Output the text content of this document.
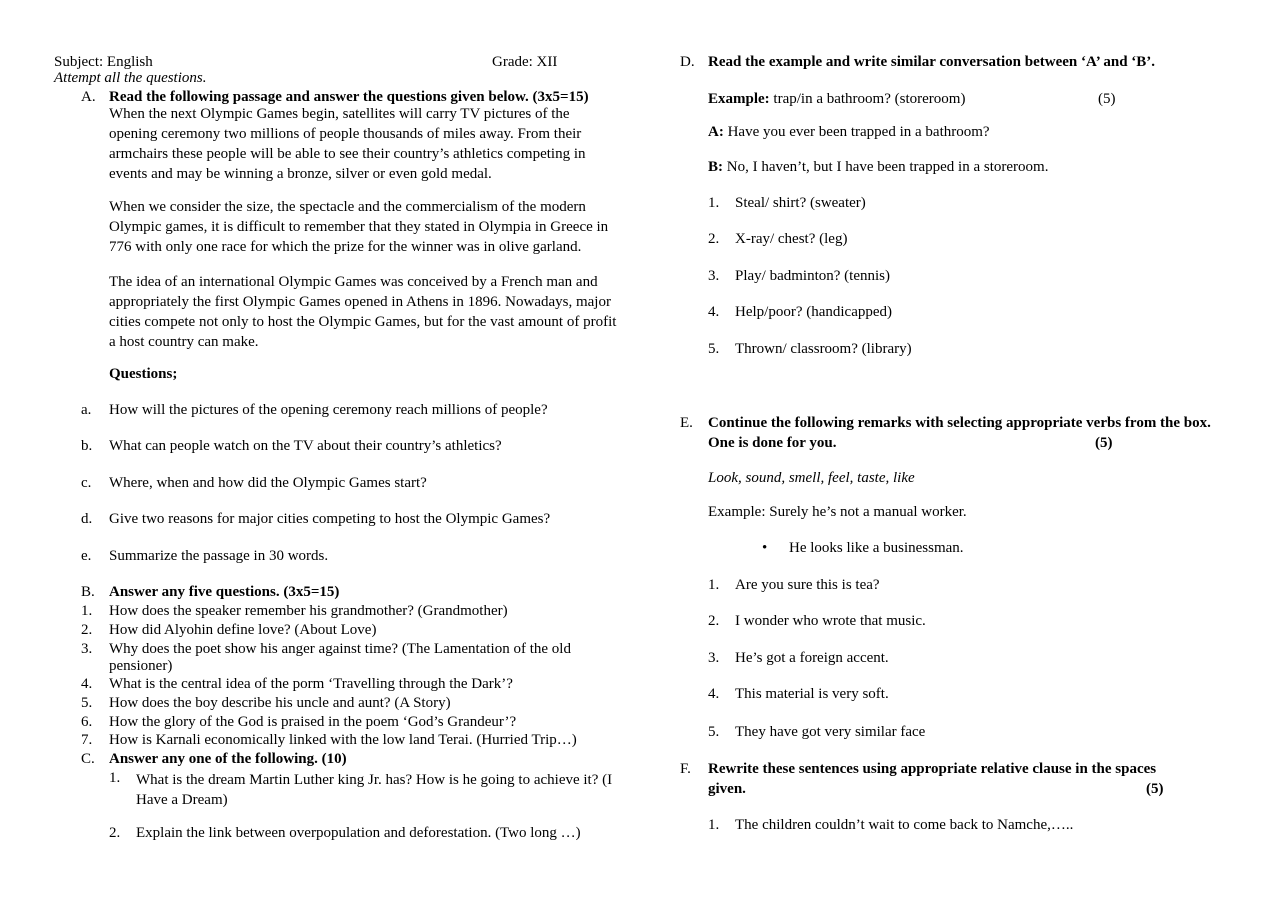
Subject: English	Grade: XII
Attempt all the questions.
A. Read the following passage and answer the questions given below. (3x5=15)
When the next Olympic Games begin, satellites will carry TV pictures of the
opening ceremony two millions of people thousands of miles away. From their
armchairs these people will be able to see their country’s athletics competing in
events and may be winning a bronze, silver or even gold medal.
When we consider the size, the spectacle and the commercialism of the modern
Olympic games, it is difficult to remember that they stated in Olympia in Greece in
776 with only one race for which the prize for the winner was in olive garland.
The idea of an international Olympic Games was conceived by a French man and
appropriately the first Olympic Games opened in Athens in 1896. Nowadays, major
cities compete not only to host the Olympic Games, but for the vast amount of profit
a host country can make.
Questions;
a. How will the pictures of the opening ceremony reach millions of people?
b. What can people watch on the TV about their country’s athletics?
c. Where, when and how did the Olympic Games start?
d. Give two reasons for major cities competing to host the Olympic Games?
e. Summarize the passage in 30 words.
B. Answer any five questions. (3x5=15)
1. How does the speaker remember his grandmother? (Grandmother)
2. How did Alyohin define love? (About Love)
3. Why does the poet show his anger against time? (The Lamentation of the old
pensioner)
4. What is the central idea of the porm ‘Travelling through the Dark’?
5. How does the boy describe his uncle and aunt? (A Story)
6. How the glory of the God is praised in the poem ‘God’s Grandeur’?
7. How is Karnali economically linked with the low land Terai. (Hurried Trip…)
C. Answer any one of the following. (10)
1. What is the dream Martin Luther king Jr. has? How is he going to achieve it? (I
Have a Dream)
2. Explain the link between overpopulation and deforestation. (Two long …)
D. Read the example and write similar conversation between ‘A’ and ‘B’.
Example: trap/in a bathroom? (storeroom)	(5)
A: Have you ever been trapped in a bathroom?
B: No, I haven’t, but I have been trapped in a storeroom.
1. Steal/ shirt? (sweater)
2. X-ray/ chest? (leg)
3. Play/ badminton? (tennis)
4. Help/poor? (handicapped)
5. Thrown/ classroom? (library)
E. Continue the following remarks with selecting appropriate verbs from the box.
One is done for you.	(5)
Look, sound, smell, feel, taste, like
Example: Surely he’s not a manual worker.
• He looks like a businessman.
1. Are you sure this is tea?
2. I wonder who wrote that music.
3. He’s got a foreign accent.
4. This material is very soft.
5. They have got very similar face
F. Rewrite these sentences using appropriate relative clause in the spaces
given.	(5)
1. The children couldn’t wait to come back to Namche,…..
